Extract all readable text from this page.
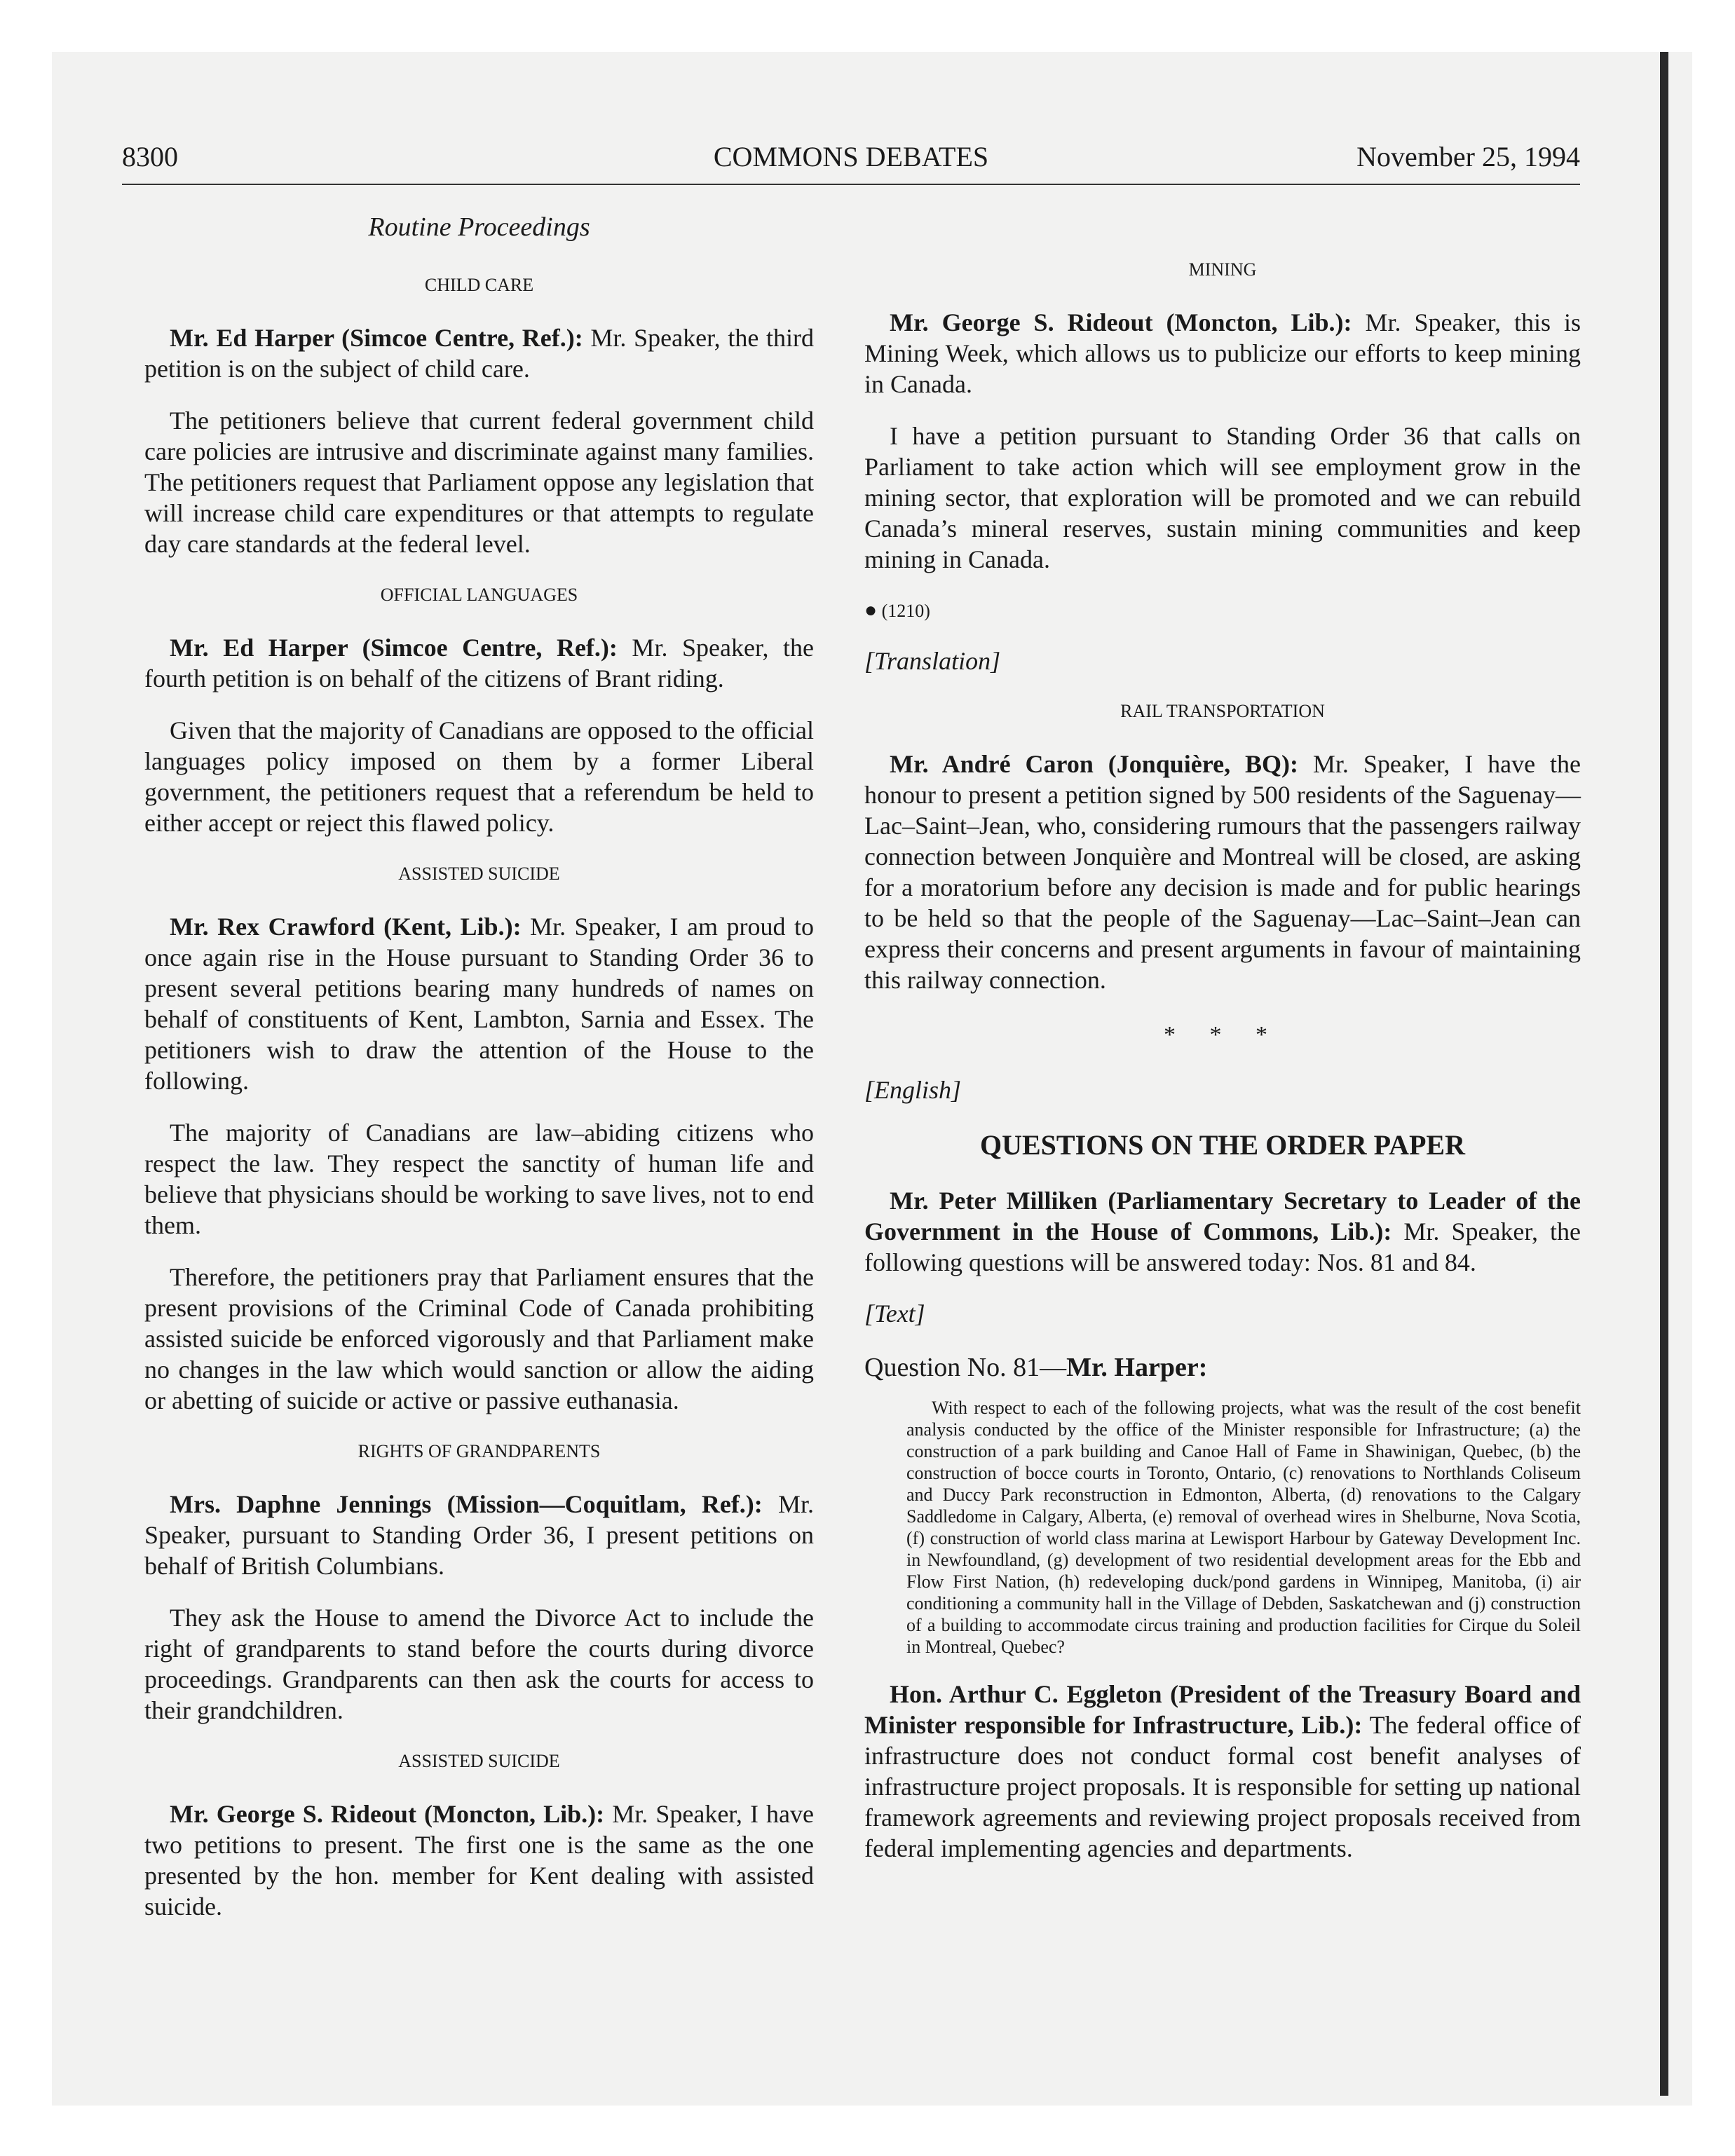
8300	COMMONS DEBATES	November 25, 1994
Routine Proceedings
CHILD CARE

Mr. Ed Harper (Simcoe Centre, Ref.): Mr. Speaker, the third petition is on the subject of child care.

The petitioners believe that current federal government child care policies are intrusive and discriminate against many families. The petitioners request that Parliament oppose any legislation that will increase child care expenditures or that attempts to regulate day care standards at the federal level.

OFFICIAL LANGUAGES

Mr. Ed Harper (Simcoe Centre, Ref.): Mr. Speaker, the fourth petition is on behalf of the citizens of Brant riding.

Given that the majority of Canadians are opposed to the official languages policy imposed on them by a former Liberal government, the petitioners request that a referendum be held to either accept or reject this flawed policy.

ASSISTED SUICIDE

Mr. Rex Crawford (Kent, Lib.): Mr. Speaker, I am proud to once again rise in the House pursuant to Standing Order 36 to present several petitions bearing many hundreds of names on behalf of constituents of Kent, Lambton, Sarnia and Essex. The petitioners wish to draw the attention of the House to the following.

The majority of Canadians are law–abiding citizens who respect the law. They respect the sanctity of human life and believe that physicians should be working to save lives, not to end them.

Therefore, the petitioners pray that Parliament ensures that the present provisions of the Criminal Code of Canada prohibiting assisted suicide be enforced vigorously and that Parliament make no changes in the law which would sanction or allow the aiding or abetting of suicide or active or passive euthanasia.

RIGHTS OF GRANDPARENTS

Mrs. Daphne Jennings (Mission—Coquitlam, Ref.): Mr. Speaker, pursuant to Standing Order 36, I present petitions on behalf of British Columbians.

They ask the House to amend the Divorce Act to include the right of grandparents to stand before the courts during divorce proceedings. Grandparents can then ask the courts for access to their grandchildren.

ASSISTED SUICIDE

Mr. George S. Rideout (Moncton, Lib.): Mr. Speaker, I have two petitions to present. The first one is the same as the one presented by the hon. member for Kent dealing with assisted suicide.

MINING

Mr. George S. Rideout (Moncton, Lib.): Mr. Speaker, this is Mining Week, which allows us to publicize our efforts to keep mining in Canada.

I have a petition pursuant to Standing Order 36 that calls on Parliament to take action which will see employment grow in the mining sector, that exploration will be promoted and we can rebuild Canada’s mineral reserves, sustain mining communities and keep mining in Canada.

● (1210)
[Translation]
RAIL TRANSPORTATION

Mr. André Caron (Jonquière, BQ): Mr. Speaker, I have the honour to present a petition signed by 500 residents of the Saguenay—Lac–Saint–Jean, who, considering rumours that the passengers railway connection between Jonquière and Montreal will be closed, are asking for a moratorium before any decision is made and for public hearings to be held so that the people of the Saguenay—Lac–Saint–Jean can express their concerns and present arguments in favour of maintaining this railway connection.

* * *
[English]
QUESTIONS ON THE ORDER PAPER

Mr. Peter Milliken (Parliamentary Secretary to Leader of the Government in the House of Commons, Lib.): Mr. Speaker, the following questions will be answered today: Nos. 81 and 84.

[Text]
Question No. 81—Mr. Harper:
With respect to each of the following projects, what was the result of the cost benefit analysis conducted by the office of the Minister responsible for Infrastructure; (a) the construction of a park building and Canoe Hall of Fame in Shawinigan, Quebec, (b) the construction of bocce courts in Toronto, Ontario, (c) renovations to Northlands Coliseum and Duccy Park reconstruction in Edmonton, Alberta, (d) renovations to the Calgary Saddledome in Calgary, Alberta, (e) removal of overhead wires in Shelburne, Nova Scotia, (f) construction of world class marina at Lewisport Harbour by Gateway Development Inc. in Newfoundland, (g) development of two residential development areas for the Ebb and Flow First Nation, (h) redeveloping duck/pond gardens in Winnipeg, Manitoba, (i) air conditioning a community hall in the Village of Debden, Saskatchewan and (j) construction of a building to accommodate circus training and production facilities for Cirque du Soleil in Montreal, Quebec?

Hon. Arthur C. Eggleton (President of the Treasury Board and Minister responsible for Infrastructure, Lib.): The federal office of infrastructure does not conduct formal cost benefit analyses of infrastructure project proposals. It is responsible for setting up national framework agreements and reviewing project proposals received from federal implementing agencies and departments.
